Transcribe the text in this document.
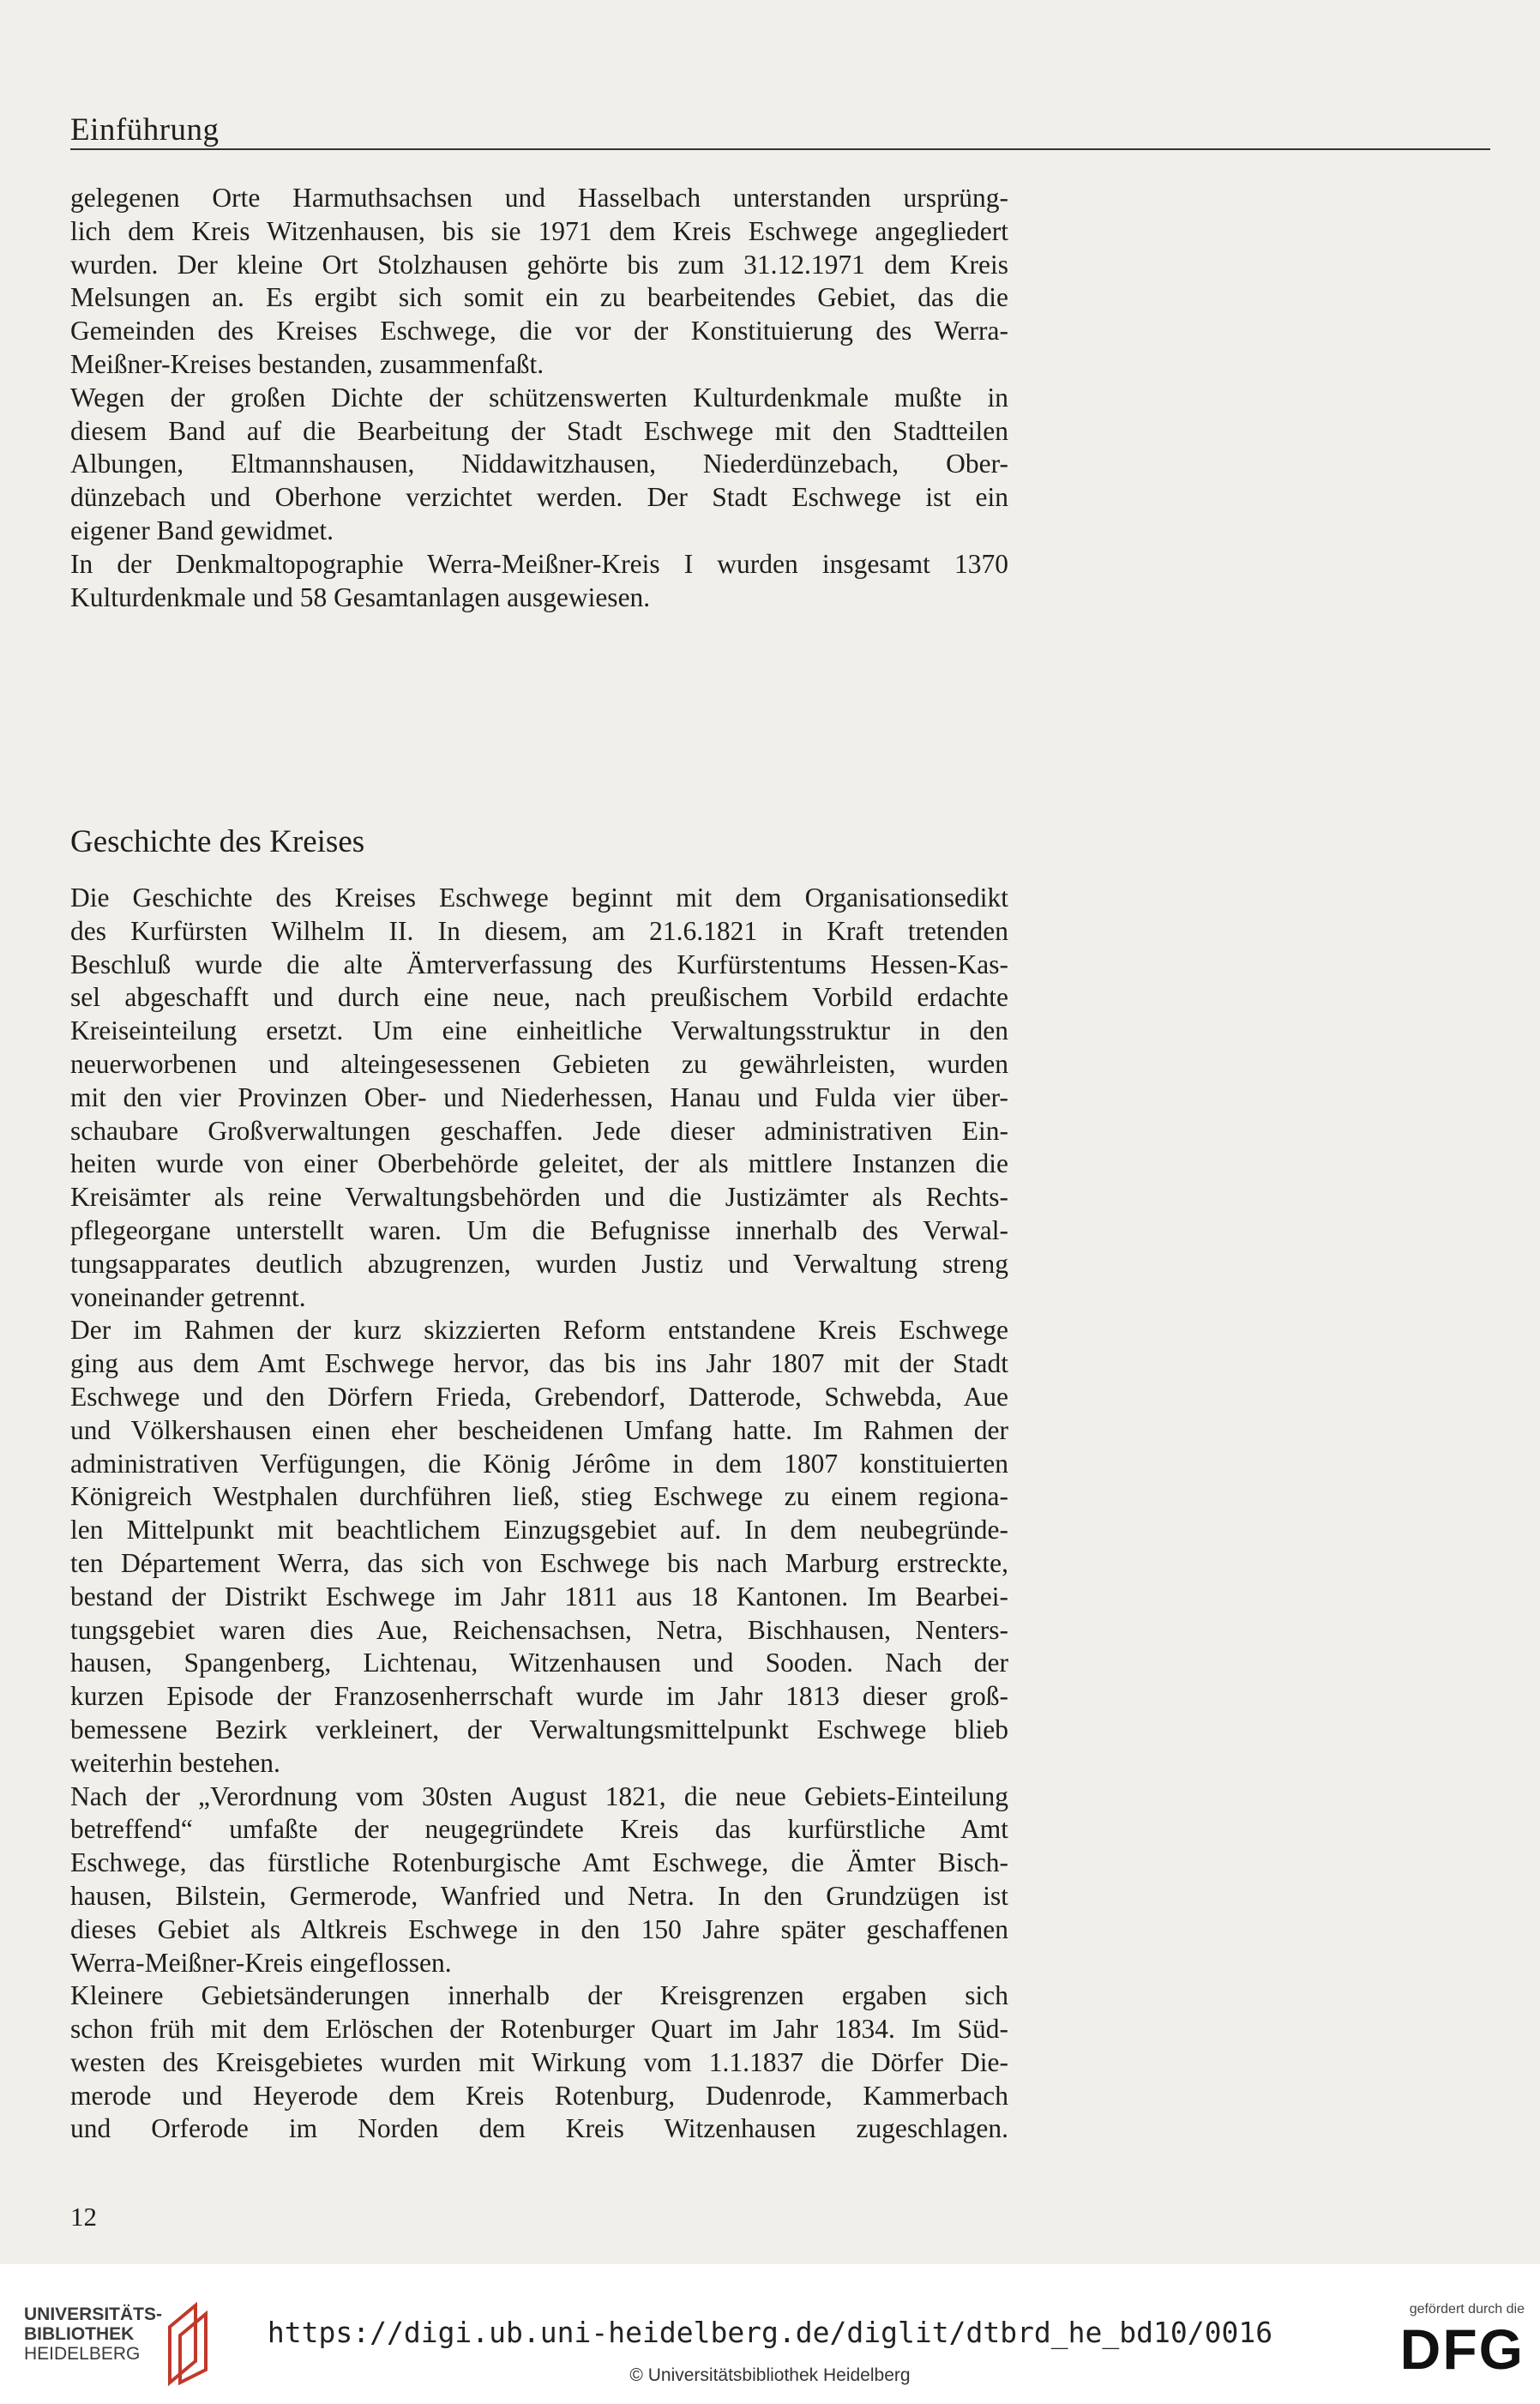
Einführung
gelegenen Orte Harmuthsachsen und Hasselbach unterstanden ursprüng-
lich dem Kreis Witzenhausen, bis sie 1971 dem Kreis Eschwege angegliedert
wurden. Der kleine Ort Stolzhausen gehörte bis zum 31.12.1971 dem Kreis
Melsungen an. Es ergibt sich somit ein zu bearbeitendes Gebiet, das die
Gemeinden des Kreises Eschwege, die vor der Konstituierung des Werra-
Meißner-Kreises bestanden, zusammenfaßt.
Wegen der großen Dichte der schützenswerten Kulturdenkmale mußte in
diesem Band auf die Bearbeitung der Stadt Eschwege mit den Stadtteilen
Albungen, Eltmannshausen, Niddawitzhausen, Niederdünzebach, Ober-
dünzebach und Oberhone verzichtet werden. Der Stadt Eschwege ist ein
eigener Band gewidmet.
In der Denkmaltopographie Werra-Meißner-Kreis I wurden insgesamt 1370
Kulturdenkmale und 58 Gesamtanlagen ausgewiesen.
Geschichte des Kreises
Die Geschichte des Kreises Eschwege beginnt mit dem Organisationsedikt
des Kurfürsten Wilhelm II. In diesem, am 21.6.1821 in Kraft tretenden
Beschluß wurde die alte Ämterverfassung des Kurfürstentums Hessen-Kas-
sel abgeschafft und durch eine neue, nach preußischem Vorbild erdachte
Kreiseinteilung ersetzt. Um eine einheitliche Verwaltungsstruktur in den
neuerworbenen und alteingesessenen Gebieten zu gewährleisten, wurden
mit den vier Provinzen Ober- und Niederhessen, Hanau und Fulda vier über-
schaubare Großverwaltungen geschaffen. Jede dieser administrativen Ein-
heiten wurde von einer Oberbehörde geleitet, der als mittlere Instanzen die
Kreisämter als reine Verwaltungsbehörden und die Justizämter als Rechts-
pflegeorgane unterstellt waren. Um die Befugnisse innerhalb des Verwal-
tungsapparates deutlich abzugrenzen, wurden Justiz und Verwaltung streng
voneinander getrennt.
Der im Rahmen der kurz skizzierten Reform entstandene Kreis Eschwege
ging aus dem Amt Eschwege hervor, das bis ins Jahr 1807 mit der Stadt
Eschwege und den Dörfern Frieda, Grebendorf, Datterode, Schwebda, Aue
und Völkershausen einen eher bescheidenen Umfang hatte. Im Rahmen der
administrativen Verfügungen, die König Jérôme in dem 1807 konstituierten
Königreich Westphalen durchführen ließ, stieg Eschwege zu einem regiona-
len Mittelpunkt mit beachtlichem Einzugsgebiet auf. In dem neubegründe-
ten Département Werra, das sich von Eschwege bis nach Marburg erstreckte,
bestand der Distrikt Eschwege im Jahr 1811 aus 18 Kantonen. Im Bearbei-
tungsgebiet waren dies Aue, Reichensachsen, Netra, Bischhausen, Nenters-
hausen, Spangenberg, Lichtenau, Witzenhausen und Sooden. Nach der
kurzen Episode der Franzosenherrschaft wurde im Jahr 1813 dieser groß-
bemessene Bezirk verkleinert, der Verwaltungsmittelpunkt Eschwege blieb
weiterhin bestehen.
Nach der „Verordnung vom 30sten August 1821, die neue Gebiets-Einteilung
betreffend“ umfaßte der neugegründete Kreis das kurfürstliche Amt
Eschwege, das fürstliche Rotenburgische Amt Eschwege, die Ämter Bisch-
hausen, Bilstein, Germerode, Wanfried und Netra. In den Grundzügen ist
dieses Gebiet als Altkreis Eschwege in den 150 Jahre später geschaffenen
Werra-Meißner-Kreis eingeflossen.
Kleinere Gebietsänderungen innerhalb der Kreisgrenzen ergaben sich
schon früh mit dem Erlöschen der Rotenburger Quart im Jahr 1834. Im Süd-
westen des Kreisgebietes wurden mit Wirkung vom 1.1.1837 die Dörfer Die-
merode und Heyerode dem Kreis Rotenburg, Dudenrode, Kammerbach
und Orferode im Norden dem Kreis Witzenhausen zugeschlagen.
12
UNIVERSITÄTS-
BIBLIOTHEK
HEIDELBERG
https://digi.ub.uni-heidelberg.de/diglit/dtbrd_he_bd10/0016
© Universitätsbibliothek Heidelberg
gefördert durch die
DFG
